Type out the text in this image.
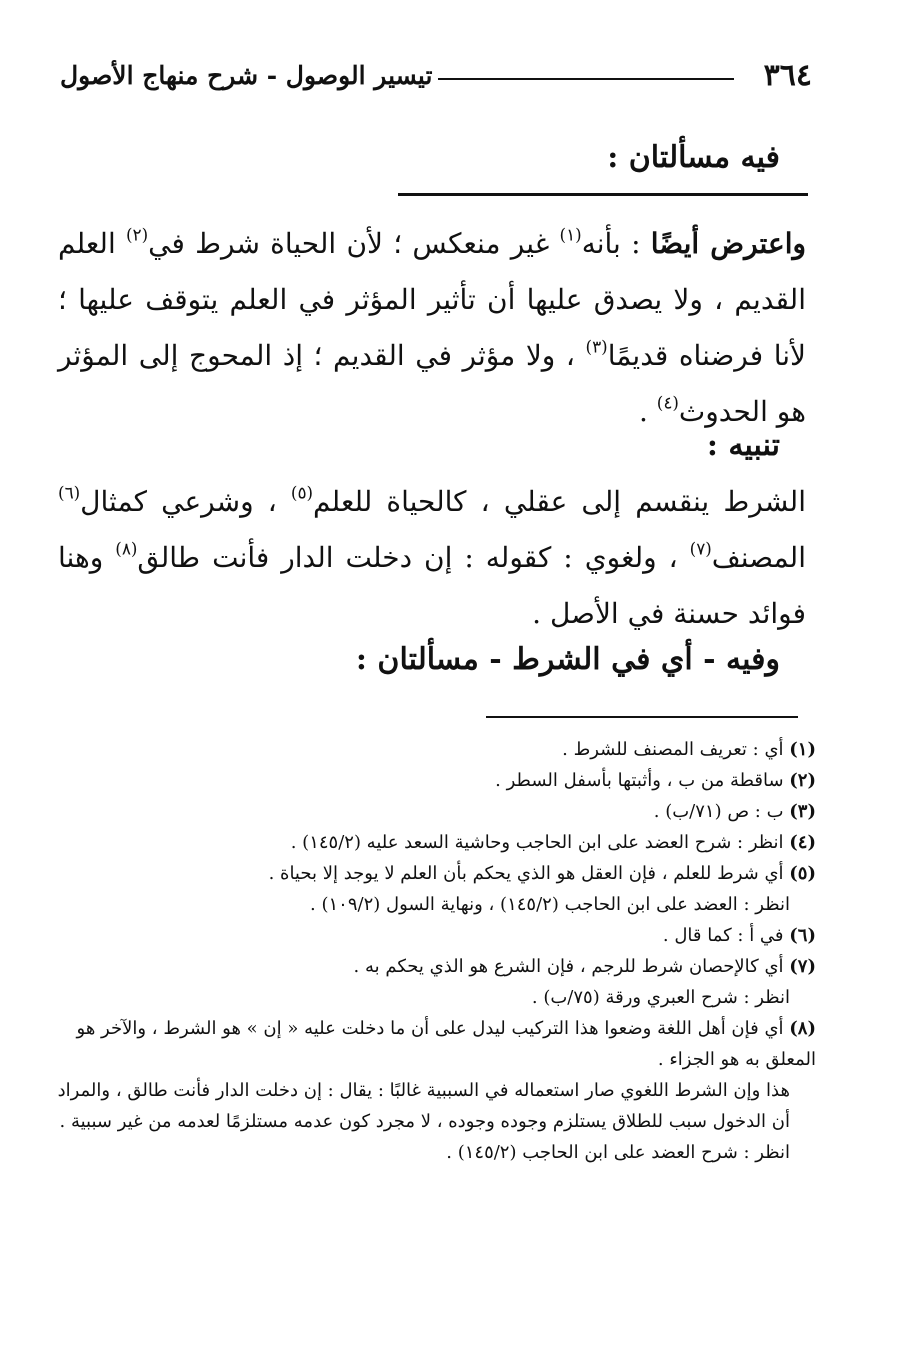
٣٦٤
تيسير الوصول - شرح منهاج الأصول
فيه مسألتان :
واعترض أيضًا : بأنه$^{(١)}$ غير منعكس ؛ لأن الحياة شرط في$^{(٢)}$ العلم القديم ، ولا يصدق عليها أن تأثير المؤثر في العلم يتوقف عليها ؛ لأنا فرضناه قديمًا$^{(٣)}$ ، ولا مؤثر في القديم ؛ إذ المحوج إلى المؤثر هو الحدوث$^{(٤)}$ .
تنبيه :
الشرط ينقسم إلى عقلي ، كالحياة للعلم$^{(٥)}$ ، وشرعي كمثال$^{(٦)}$ المصنف$^{(٧)}$ ، ولغوي : كقوله : إن دخلت الدار فأنت طالق$^{(٨)}$ وهنا فوائد حسنة في الأصل .
وفيه - أي في الشرط - مسألتان :
(١) أي : تعريف المصنف للشرط .
(٢) ساقطة من ب ، وأثبتها بأسفل السطر .
(٣) ب : ص (٧١/ب) .
(٤) انظر : شرح العضد على ابن الحاجب وحاشية السعد عليه (١٤٥/٢) .
(٥) أي شرط للعلم ، فإن العقل هو الذي يحكم بأن العلم لا يوجد إلا بحياة .
انظر : العضد على ابن الحاجب (١٤٥/٢) ، ونهاية السول (١٠٩/٢) .
(٦) في أ : كما قال .
(٧) أي كالإحصان شرط للرجم ، فإن الشرع هو الذي يحكم به .
انظر : شرح العبري ورقة (٧٥/ب) .
(٨) أي فإن أهل اللغة وضعوا هذا التركيب ليدل على أن ما دخلت عليه « إن » هو الشرط ، والآخر هو المعلق به هو الجزاء .
هذا وإن الشرط اللغوي صار استعماله في السببية غالبًا : يقال : إن دخلت الدار فأنت طالق ، والمراد أن الدخول سبب للطلاق يستلزم وجوده وجوده ، لا مجرد كون عدمه مستلزمًا لعدمه من غير سببية .
انظر : شرح العضد على ابن الحاجب (١٤٥/٢) .
